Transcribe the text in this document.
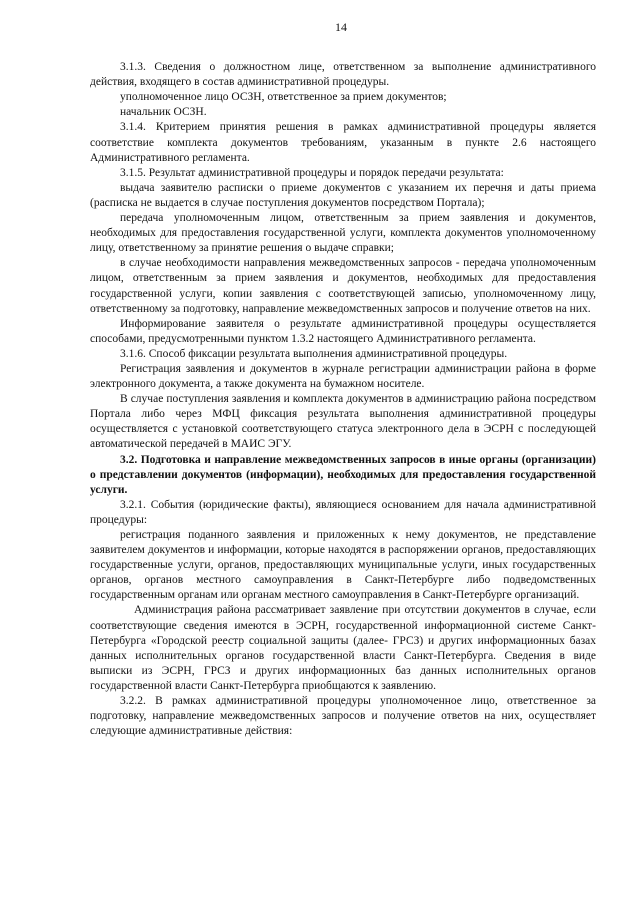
14

3.1.3. Сведения о должностном лице, ответственном за выполнение административного действия, входящего в состав административной процедуры.

уполномоченное лицо ОСЗН, ответственное за прием документов;

начальник ОСЗН.

3.1.4. Критерием принятия решения в рамках административной процедуры является соответствие комплекта документов требованиям, указанным в пункте 2.6 настоящего Административного регламента.

3.1.5. Результат административной процедуры и порядок передачи результата:

выдача заявителю расписки о приеме документов с указанием их перечня и даты приема (расписка не выдается в случае поступления документов посредством Портала);

передача уполномоченным лицом, ответственным за прием заявления и документов, необходимых для предоставления государственной услуги, комплекта документов уполномоченному лицу, ответственному за принятие решения о выдаче справки;

в случае необходимости направления межведомственных запросов - передача уполномоченным лицом, ответственным за прием заявления и документов, необходимых для предоставления государственной услуги, копии заявления с соответствующей записью, уполномоченному лицу, ответственному за подготовку, направление межведомственных запросов и получение ответов на них.

Информирование заявителя о результате административной процедуры осуществляется способами, предусмотренными пунктом 1.3.2 настоящего Административного регламента.

3.1.6. Способ фиксации результата выполнения административной процедуры.

Регистрация заявления и документов в журнале регистрации администрации района в форме электронного документа, а также документа на бумажном носителе.

В случае поступления заявления и комплекта документов в администрацию района посредством Портала либо через МФЦ фиксация результата выполнения административной процедуры осуществляется с установкой соответствующего статуса электронного дела в ЭСРН с последующей автоматической передачей в МАИС ЭГУ.

3.2. Подготовка и направление межведомственных запросов в иные органы (организации) о представлении документов (информации), необходимых для предоставления государственной услуги.

3.2.1. События (юридические факты), являющиеся основанием для начала административной процедуры:

регистрация поданного заявления и приложенных к нему документов, не представление заявителем документов и информации, которые находятся в распоряжении органов, предоставляющих государственные услуги, органов, предоставляющих муниципальные услуги, иных государственных органов, органов местного самоуправления в Санкт-Петербурге либо подведомственных государственным органам или органам местного самоуправления в Санкт-Петербурге организаций.

Администрация района рассматривает заявление при отсутствии документов в случае, если соответствующие сведения имеются в ЭСРН, государственной информационной системе Санкт-Петербурга «Городской реестр социальной защиты (далее- ГРСЗ) и других информационных базах данных исполнительных органов государственной власти Санкт-Петербурга. Сведения в виде выписки из ЭСРН, ГРСЗ и других информационных баз данных исполнительных органов государственной власти Санкт-Петербурга приобщаются к заявлению.

3.2.2. В рамках административной процедуры уполномоченное лицо, ответственное за подготовку, направление межведомственных запросов и получение ответов на них, осуществляет следующие административные действия:
